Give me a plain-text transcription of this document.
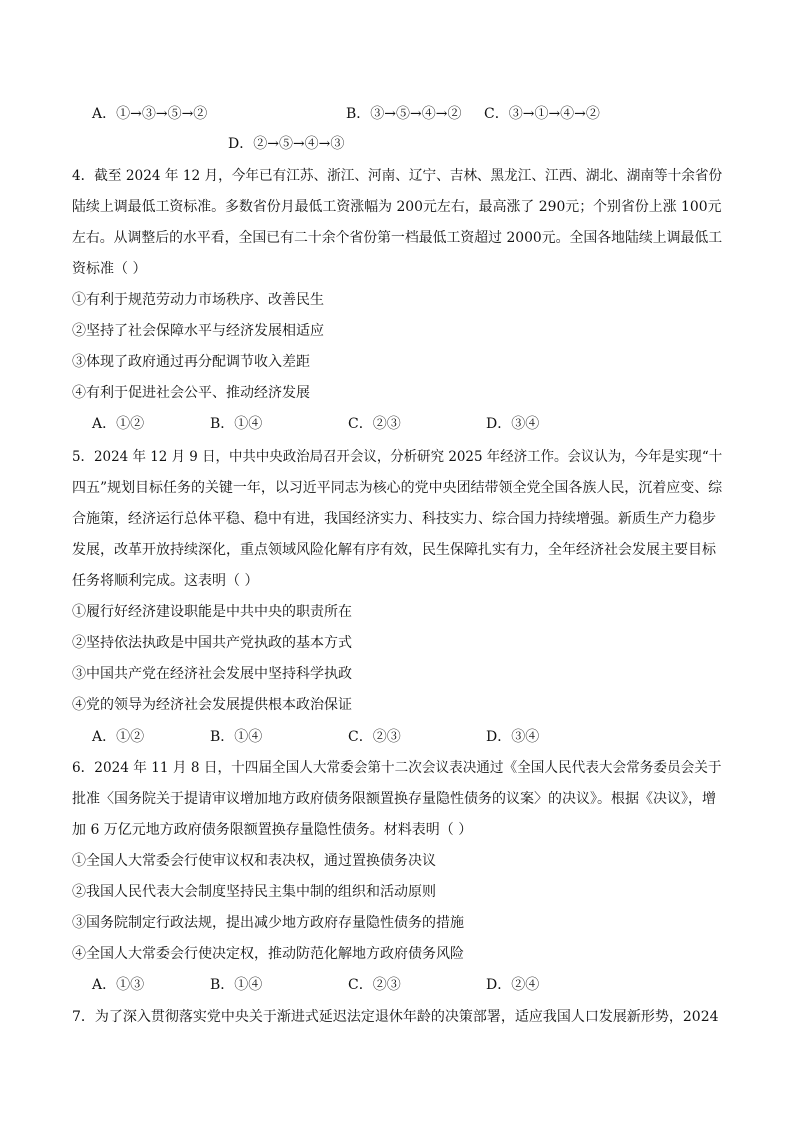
A．①→③→⑤→②	B．③→⑤→④→② C．③→①→④→②
D．②→⑤→④→③
4．截至 2024 年 12 月，今年已有江苏、浙江、河南、辽宁、吉林、黑龙江、江西、湖北、湖南等十余省份
陆续上调最低工资标准。多数省份月最低工资涨幅为 200元左右，最高涨了 290元；个别省份上涨 100元
左右。从调整后的水平看，全国已有二十余个省份第一档最低工资超过 2000元。全国各地陆续上调最低工
资标准（ ）
①有利于规范劳动力市场秩序、改善民生
②坚持了社会保障水平与经济发展相适应
③体现了政府通过再分配调节收入差距
④有利于促进社会公平、推动经济发展
A．①②	B．①④	C．②③	D．③④
5．2024 年 12 月 9 日，中共中央政治局召开会议，分析研究 2025 年经济工作。会议认为，今年是实现“十
四五”规划目标任务的关键一年，以习近平同志为核心的党中央团结带领全党全国各族人民，沉着应变、综
合施策，经济运行总体平稳、稳中有进，我国经济实力、科技实力、综合国力持续增强。新质生产力稳步
发展，改革开放持续深化，重点领域风险化解有序有效，民生保障扎实有力，全年经济社会发展主要目标
任务将顺利完成。这表明（ ）
①履行好经济建设职能是中共中央的职责所在
②坚持依法执政是中国共产党执政的基本方式
③中国共产党在经济社会发展中坚持科学执政
④党的领导为经济社会发展提供根本政治保证
A．①②	B．①④	C．②③	D．③④
6．2024 年 11 月 8 日，十四届全国人大常委会第十二次会议表决通过《全国人民代表大会常务委员会关于
批准〈国务院关于提请审议增加地方政府债务限额置换存量隐性债务的议案〉的决议》。根据《决议》，增
加 6 万亿元地方政府债务限额置换存量隐性债务。材料表明（ ）
①全国人大常委会行使审议权和表决权，通过置换债务决议
②我国人民代表大会制度坚持民主集中制的组织和活动原则
③国务院制定行政法规，提出减少地方政府存量隐性债务的措施
④全国人大常委会行使决定权，推动防范化解地方政府债务风险
A．①③	B．①④	C．②③	D．②④
7．为了深入贯彻落实党中央关于渐进式延迟法定退休年龄的决策部署，适应我国人口发展新形势，2024
